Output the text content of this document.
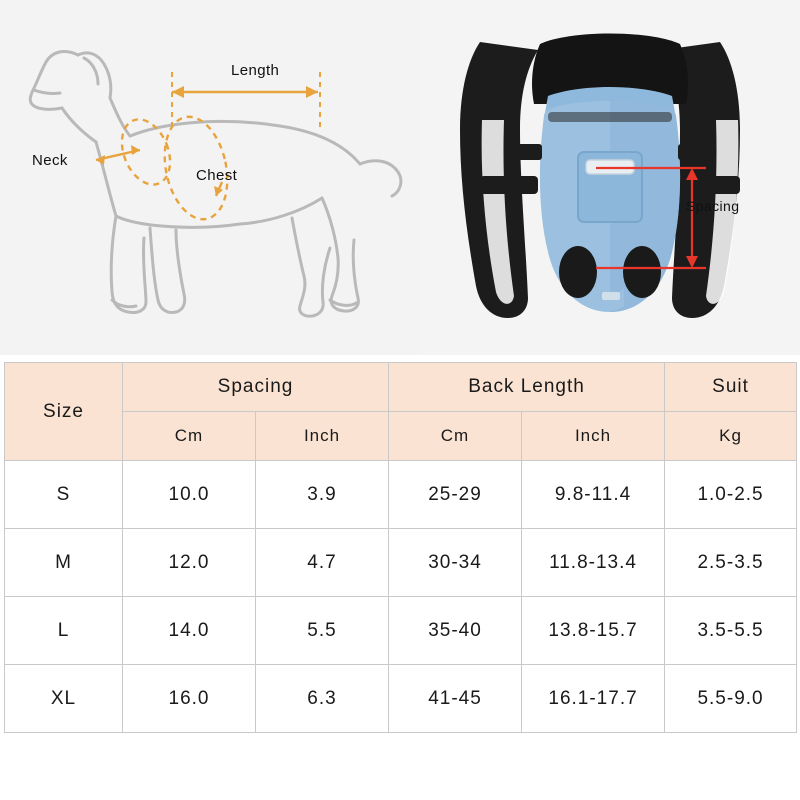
Neck
Chest
Length
Spacing
Size	Spacing		Back Length		Suit
	Cm	Inch	Cm	Inch	Kg
S	10.0	3.9	25-29	9.8-11.4	1.0-2.5
M	12.0	4.7	30-34	11.8-13.4	2.5-3.5
L	14.0	5.5	35-40	13.8-15.7	3.5-5.5
XL	16.0	6.3	41-45	16.1-17.7	5.5-9.0
